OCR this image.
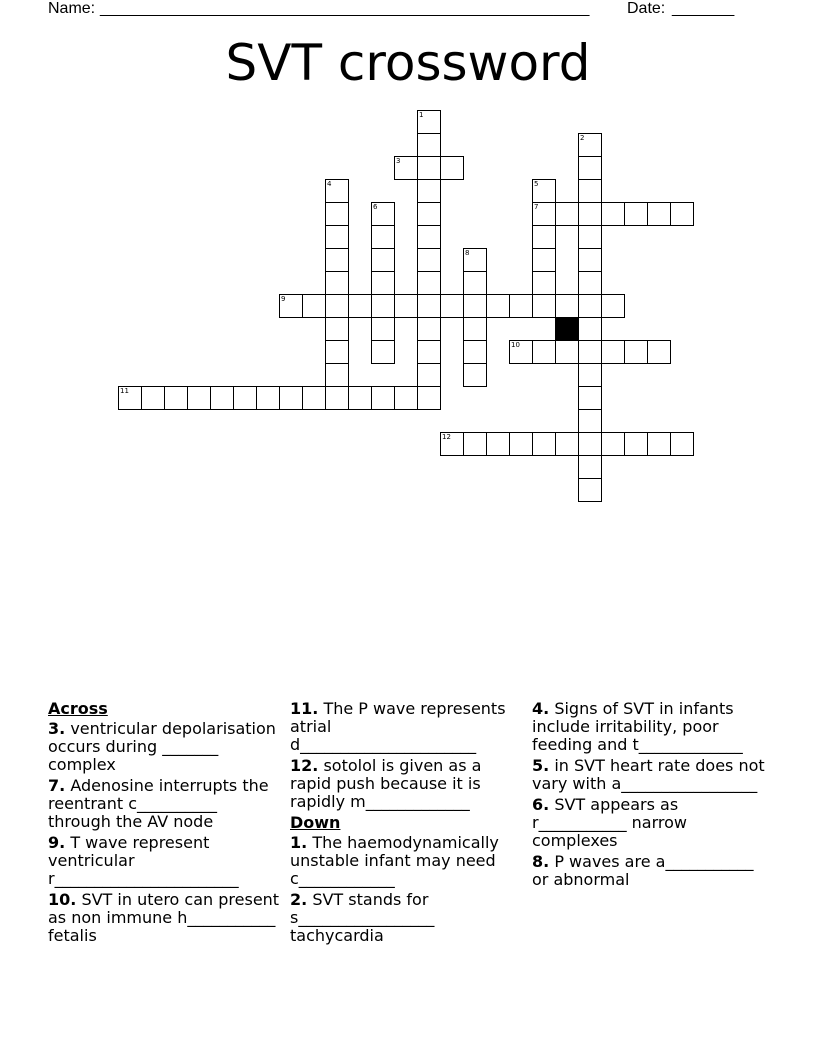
Name: _______________________________________________________ Date: _______
SVT crossword
1
2
3
4	5
6	7
8
9
10
11
12
Across
3. ventricular depolarisation occurs during _______ complex
7. Adenosine interrupts the reentrant c__________ through the AV node
9. T wave represent ventricular r_______________________
10. SVT in utero can present as non immune h___________ fetalis
11. The P wave represents atrial d______________________
12. sotolol is given as a rapid push because it is rapidly m_____________
Down
1. The haemodynamically unstable infant may need c____________
2. SVT stands for s_________________ tachycardia
4. Signs of SVT in infants include irritability, poor feeding and t_____________
5. in SVT heart rate does not vary with a_________________
6. SVT appears as r___________ narrow complexes
8. P waves are a___________ or abnormal
